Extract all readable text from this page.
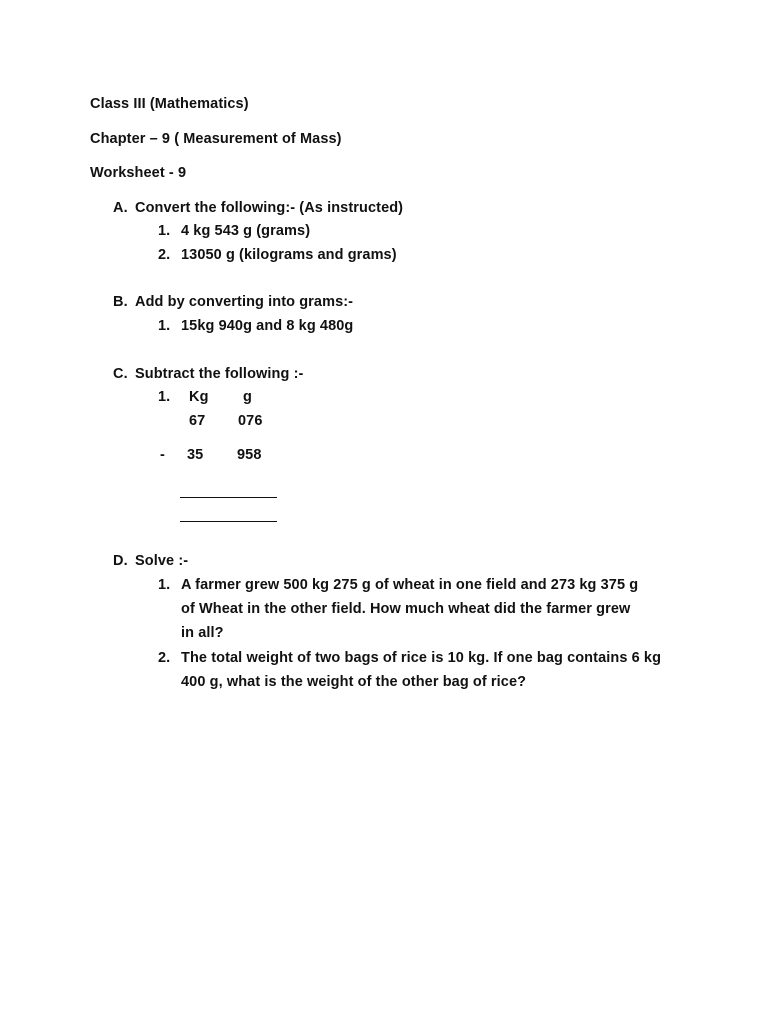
Class III (Mathematics)
Chapter – 9 ( Measurement of Mass)
Worksheet - 9
A. Convert the following:- (As instructed)
1. 4 kg 543 g (grams)
2. 13050 g (kilograms and grams)
B. Add by converting into grams:-
1. 15kg 940g and 8 kg 480g
C. Subtract the following :-
1. Kg g
67 076
- 35 958
D. Solve :-
1. A farmer grew 500 kg 275 g of wheat in one field and 273 kg 375 g
of Wheat in the other field. How much wheat did the farmer grew
in all?
2. The total weight of two bags of rice is 10 kg. If one bag contains 6 kg
400 g, what is the weight of the other bag of rice?
